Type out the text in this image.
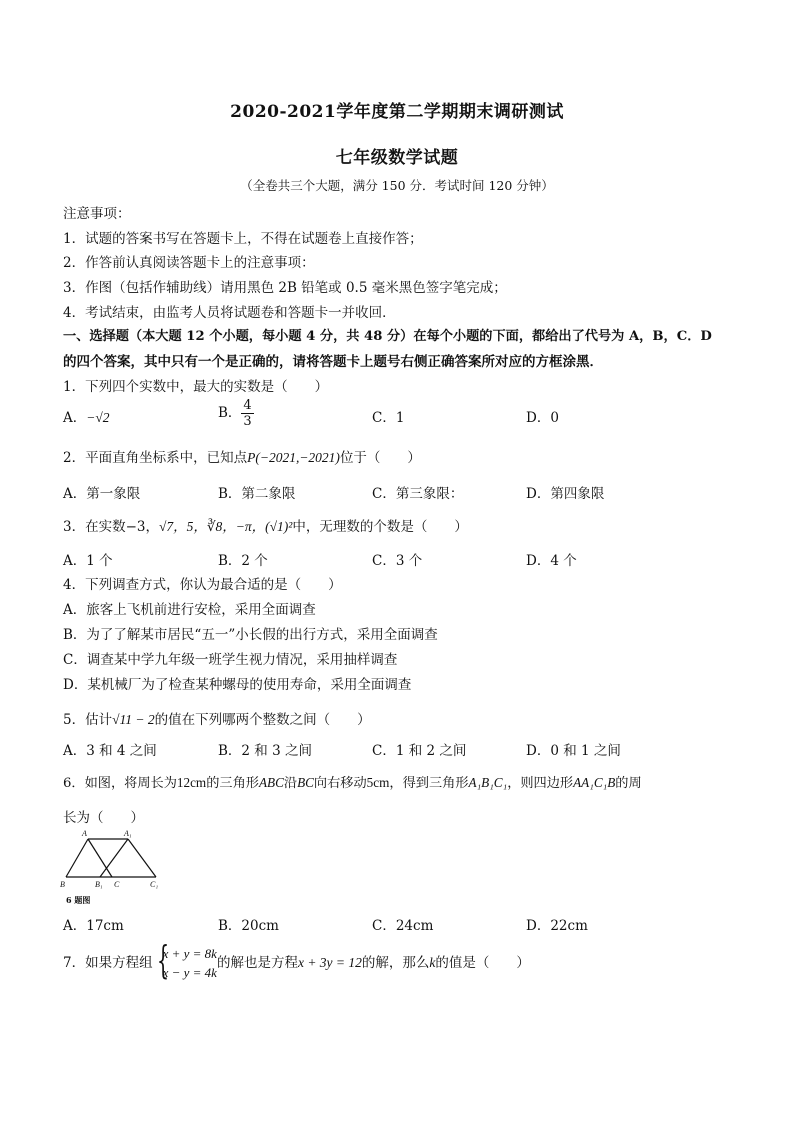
2020-2021学年度第二学期期末调研测试
七年级数学试题
（全卷共三个大题，满分 150 分．考试时间 120 分钟）
注意事项：
1．试题的答案书写在答题卡上，不得在试题卷上直接作答；
2．作答前认真阅读答题卡上的注意事项：
3．作图（包括作辅助线）请用黑色 2B 铅笔或 0.5 毫米黑色签字笔完成；
4．考试结束，由监考人员将试题卷和答题卡一并收回．
一、选择题（本大题 12 个小题，每小题 4 分，共 48 分）在每个小题的下面，都给出了代号为 A，B，C．D
的四个答案，其中只有一个是正确的，请将答题卡上题号右侧正确答案所对应的方框涂黑．
1．下列四个实数中，最大的实数是（　　）
A．−√2	B． $\frac{4}{3}$	C．1	D．0
2．平面直角坐标系中，已知点P(−2021,−2021)位于（　　）
A．第一象限	B．第二象限	C．第三象限：	D．第四象限
3．在实数−3，√7，5，∛8，−π，(√1)²中，无理数的个数是（　　）
A．1 个	B．2 个	C．3 个	D．4 个
4．下列调查方式，你认为最合适的是（　　）
A．旅客上飞机前进行安检，采用全面调查
B．为了了解某市居民“五一”小长假的出行方式，采用全面调查
C．调查某中学九年级一班学生视力情况，采用抽样调查
D．某机械厂为了检查某种螺母的使用寿命，采用全面调查
5．估计√11 − 2的值在下列哪两个整数之间（　　）
A．3 和 4 之间	B．2 和 3 之间	C．1 和 2 之间	D．0 和 1 之间
6．如图，将周长为12cm的三角形ABC沿BC向右移动5cm，得到三角形A₁B₁C₁，则四边形AA₁C₁B的周
长为（　　）
A	A₁
B	B₁ C	C₁
6 题图
A．17cm	B．20cm	C．24cm	D．22cm
7．如果方程组 {
x + y = 8k
x − y = 4k
的解也是方程x + 3y = 12的解，那么k的值是（　　）
